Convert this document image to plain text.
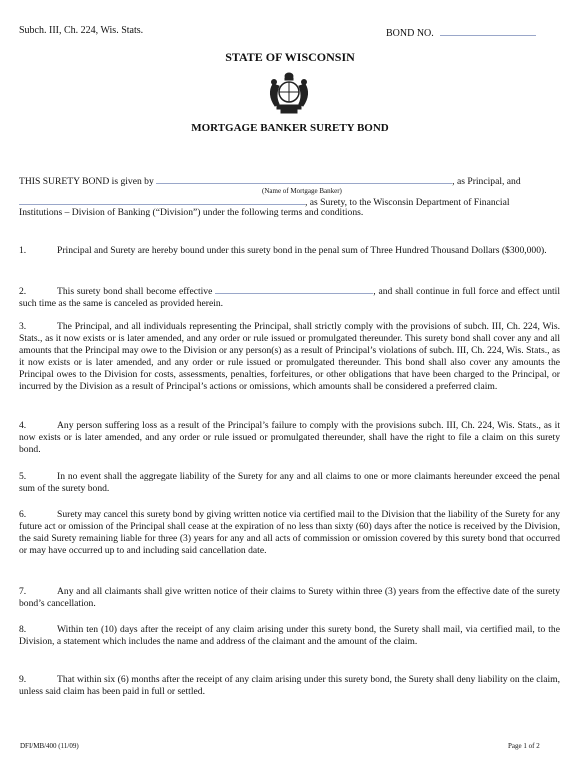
Subch. III, Ch. 224, Wis. Stats.	BOND NO.
STATE OF WISCONSIN
MORTGAGE BANKER SURETY BOND
THIS SURETY BOND is given by	, as Principal, and
(Name of Mortgage Banker)
, as Surety, to the Wisconsin Department of Financial
Institutions – Division of Banking (“Division”) under the following terms and conditions.
1.	Principal and Surety are hereby bound under this surety bond in the penal sum of Three Hundred Thousand Dollars ($300,000).
2.	This surety bond shall become effective	, and shall continue in full force and effect until such time as the same is canceled as provided herein.
3.	The Principal, and all individuals representing the Principal, shall strictly comply with the provisions of subch. III, Ch. 224, Wis. Stats., as it now exists or is later amended, and any order or rule issued or promulgated thereunder. This surety bond shall cover any and all amounts that the Principal may owe to the Division or any person(s) as a result of Principal’s violations of subch. III, Ch. 224, Wis. Stats., as it now exists or is later amended, and any order or rule issued or promulgated thereunder. This bond shall also cover any amounts the Principal owes to the Division for costs, assessments, penalties, forfeitures, or other obligations that have been charged to the Principal, or incurred by the Division as a result of Principal’s actions or omissions, which amounts shall be considered a preferred claim.
4.	Any person suffering loss as a result of the Principal’s failure to comply with the provisions subch. III, Ch. 224, Wis. Stats., as it now exists or is later amended, and any order or rule issued or promulgated thereunder, shall have the right to file a claim on this surety bond.
5.	In no event shall the aggregate liability of the Surety for any and all claims to one or more claimants hereunder exceed the penal sum of the surety bond.
6.	Surety may cancel this surety bond by giving written notice via certified mail to the Division that the liability of the Surety for any future act or omission of the Principal shall cease at the expiration of no less than sixty (60) days after the notice is received by the Division, the said Surety remaining liable for three (3) years for any and all acts of commission or omission covered by this surety bond that occurred or may have occurred up to and including said cancellation date.
7.	Any and all claimants shall give written notice of their claims to Surety within three (3) years from the effective date of the surety bond’s cancellation.
8.	Within ten (10) days after the receipt of any claim arising under this surety bond, the Surety shall mail, via certified mail, to the Division, a statement which includes the name and address of the claimant and the amount of the claim.
9.	That within six (6) months after the receipt of any claim arising under this surety bond, the Surety shall deny liability on the claim, unless said claim has been paid in full or settled.
DFI/MB/400 (11/09)	Page 1 of 2
